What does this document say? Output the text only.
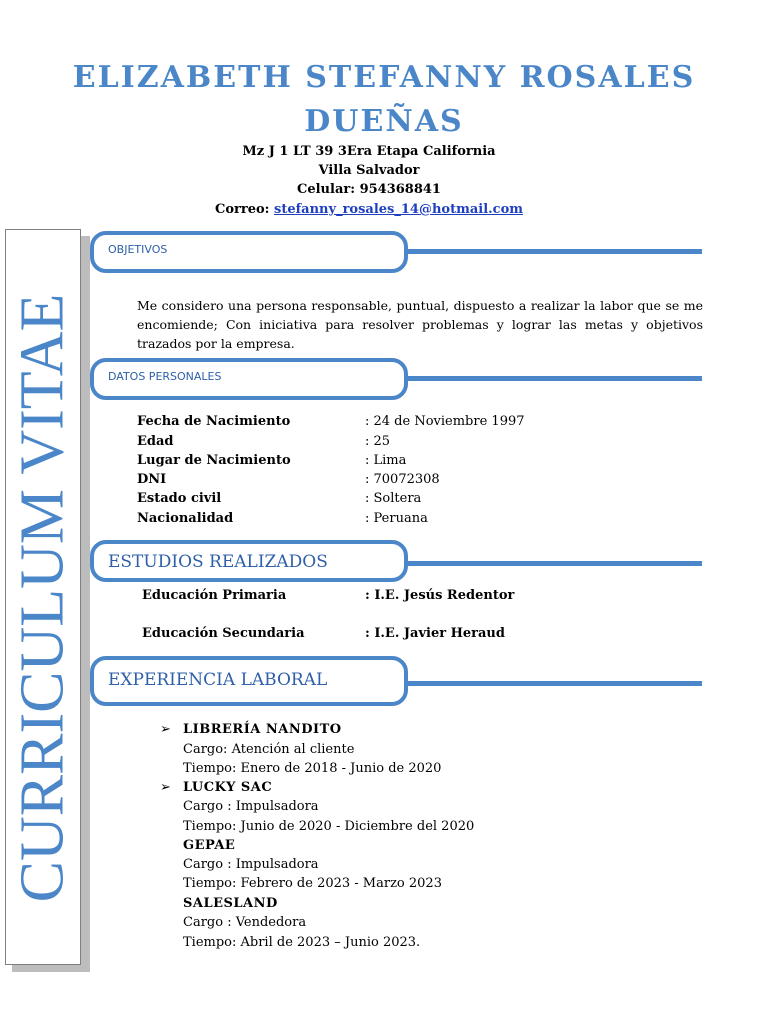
ELIZABETH STEFANNY ROSALES
DUEÑAS
Mz J 1 LT 39 3Era Etapa California
Villa Salvador
Celular: 954368841
Correo: stefanny_rosales_14@hotmail.com
CURRICULUM VITAE
OBJETIVOS
Me considero una persona responsable, puntual, dispuesto a realizar la labor que se me encomiende; Con iniciativa para resolver problemas y lograr las metas y objetivos trazados por la empresa.
DATOS PERSONALES
Fecha de Nacimiento	: 24 de Noviembre 1997
Edad	: 25
Lugar de Nacimiento	: Lima
DNI	: 70072308
Estado civil	: Soltera
Nacionalidad	: Peruana
ESTUDIOS REALIZADOS
Educación Primaria	: I.E. Jesús Redentor
Educación Secundaria	: I.E. Javier Heraud
EXPERIENCIA LABORAL
➢ LIBRERÍA NANDITO
Cargo: Atención al cliente
Tiempo: Enero de 2018 - Junio de 2020
➢ LUCKY SAC
Cargo : Impulsadora
Tiempo: Junio de 2020 - Diciembre del 2020
GEPAE
Cargo : Impulsadora
Tiempo: Febrero de 2023 - Marzo 2023
SALESLAND
Cargo : Vendedora
Tiempo: Abril de 2023 – Junio 2023.
